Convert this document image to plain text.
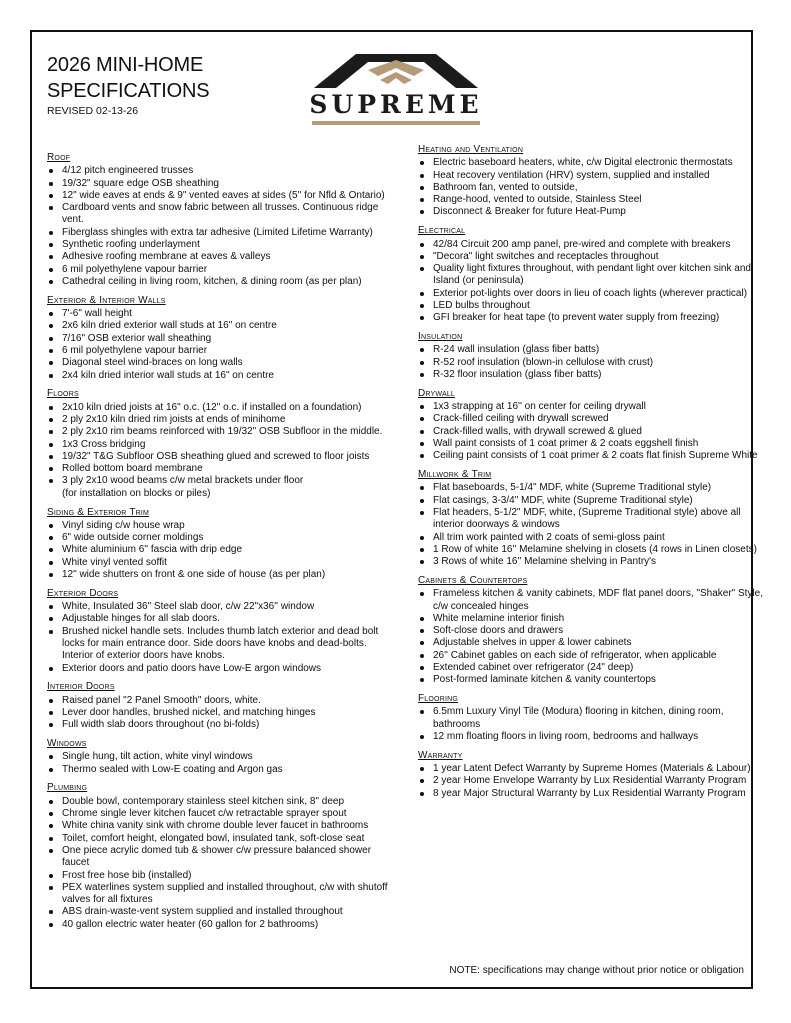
2026 MINI-HOME
SPECIFICATIONS
REVISED 02-13-26	SUPREME
Roof
4/12 pitch engineered trusses
19/32" square edge OSB sheathing
12" wide eaves at ends & 9" vented eaves at sides (5'' for Nfld & Ontario)
Cardboard vents and snow fabric between all trusses. Continuous ridge vent.
Fiberglass shingles with extra tar adhesive (Limited Lifetime Warranty)
Synthetic roofing underlayment
Adhesive roofing membrane at eaves & valleys
6 mil polyethylene vapour barrier
Cathedral ceiling in living room, kitchen, & dining room (as per plan)
Exterior & Interior Walls
7'-6" wall height
2x6 kiln dried exterior wall studs at 16" on centre
7/16" OSB exterior wall sheathing
6 mil polyethylene vapour barrier
Diagonal steel wind-braces on long walls
2x4 kiln dried interior wall studs at 16" on centre
Floors
2x10 kiln dried joists at 16" o.c. (12" o.c. if installed on a foundation)
2 ply 2x10 kiln dried rim joists at ends of minihome
2 ply 2x10 rim beams reinforced with 19/32" OSB Subfloor in the middle.
1x3 Cross bridging
19/32" T&G Subfloor OSB sheathing glued and screwed to floor joists
Rolled bottom board membrane
3 ply 2x10 wood beams c/w metal brackets under floor
(for installation on blocks or piles)
Siding & Exterior Trim
Vinyl siding c/w house wrap
6" wide outside corner moldings
White aluminium 6'' fascia with drip edge
White vinyl vented soffit
12" wide shutters on front & one side of house (as per plan)
Exterior Doors
White, Insulated 36" Steel slab door, c/w 22"x36'' window
Adjustable hinges for all slab doors.
Brushed nickel handle sets. Includes thumb latch exterior and dead bolt locks for main entrance door. Side doors have knobs and dead-bolts. Interior of exterior doors have knobs.
Exterior doors and patio doors have Low-E argon windows
Interior Doors
Raised panel "2 Panel Smooth" doors, white.
Lever door handles, brushed nickel, and matching hinges
Full width slab doors throughout (no bi-folds)
Windows
Single hung, tilt action, white vinyl windows
Thermo sealed with Low-E coating and Argon gas
Plumbing
Double bowl, contemporary stainless steel kitchen sink, 8" deep
Chrome single lever kitchen faucet c/w retractable sprayer spout
White china vanity sink with chrome double lever faucet in bathrooms
Toilet, comfort height, elongated bowl, insulated tank, soft-close seat
One piece acrylic domed tub & shower c/w pressure balanced shower faucet
Frost free hose bib (installed)
PEX waterlines system supplied and installed throughout, c/w with shutoff valves for all fixtures
ABS drain-waste-vent system supplied and installed throughout
40 gallon electric water heater (60 gallon for 2 bathrooms)
Heating and Ventilation
Electric baseboard heaters, white, c/w Digital electronic thermostats
Heat recovery ventilation (HRV) system, supplied and installed
Bathroom fan, vented to outside,
Range-hood, vented to outside, Stainless Steel
Disconnect & Breaker for future Heat-Pump
Electrical
42/84 Circuit 200 amp panel, pre-wired and complete with breakers
"Decora" light switches and receptacles throughout
Quality light fixtures throughout, with pendant light over kitchen sink and Island (or peninsula)
Exterior pot-lights over doors in lieu of coach lights (wherever practical)
LED bulbs throughout
GFI breaker for heat tape (to prevent water supply from freezing)
Insulation
R-24 wall insulation (glass fiber batts)
R-52 roof insulation (blown-in cellulose with crust)
R-32 floor insulation (glass fiber batts)
Drywall
1x3 strapping at 16'' on center for ceiling drywall
Crack-filled ceiling with drywall screwed
Crack-filled walls, with drywall screwed & glued
Wall paint consists of 1 coat primer & 2 coats eggshell finish
Ceiling paint consists of 1 coat primer & 2 coats flat finish Supreme White
Millwork & Trim
Flat baseboards, 5-1/4" MDF, white (Supreme Traditional style)
Flat casings, 3-3/4" MDF, white (Supreme Traditional style)
Flat headers, 5-1/2" MDF, white, (Supreme Traditional style) above all interior doorways & windows
All trim work painted with 2 coats of semi-gloss paint
1 Row of white 16'' Melamine shelving in closets (4 rows in Linen closets)
3 Rows of white 16'' Melamine shelving in Pantry's
Cabinets & Countertops
Frameless kitchen & vanity cabinets, MDF flat panel doors, "Shaker" Style, c/w concealed hinges
White melamine interior finish
Soft-close doors and drawers
Adjustable shelves in upper & lower cabinets
26'' Cabinet gables on each side of refrigerator, when applicable
Extended cabinet over refrigerator (24" deep)
Post-formed laminate kitchen & vanity countertops
Flooring
6.5mm Luxury Vinyl Tile (Modura) flooring in kitchen, dining room, bathrooms
12 mm floating floors in living room, bedrooms and hallways
Warranty
1 year Latent Defect Warranty by Supreme Homes (Materials & Labour)
2 year Home Envelope Warranty by Lux Residential Warranty Program
8 year Major Structural Warranty by Lux Residential Warranty Program
NOTE: specifications may change without prior notice or obligation
